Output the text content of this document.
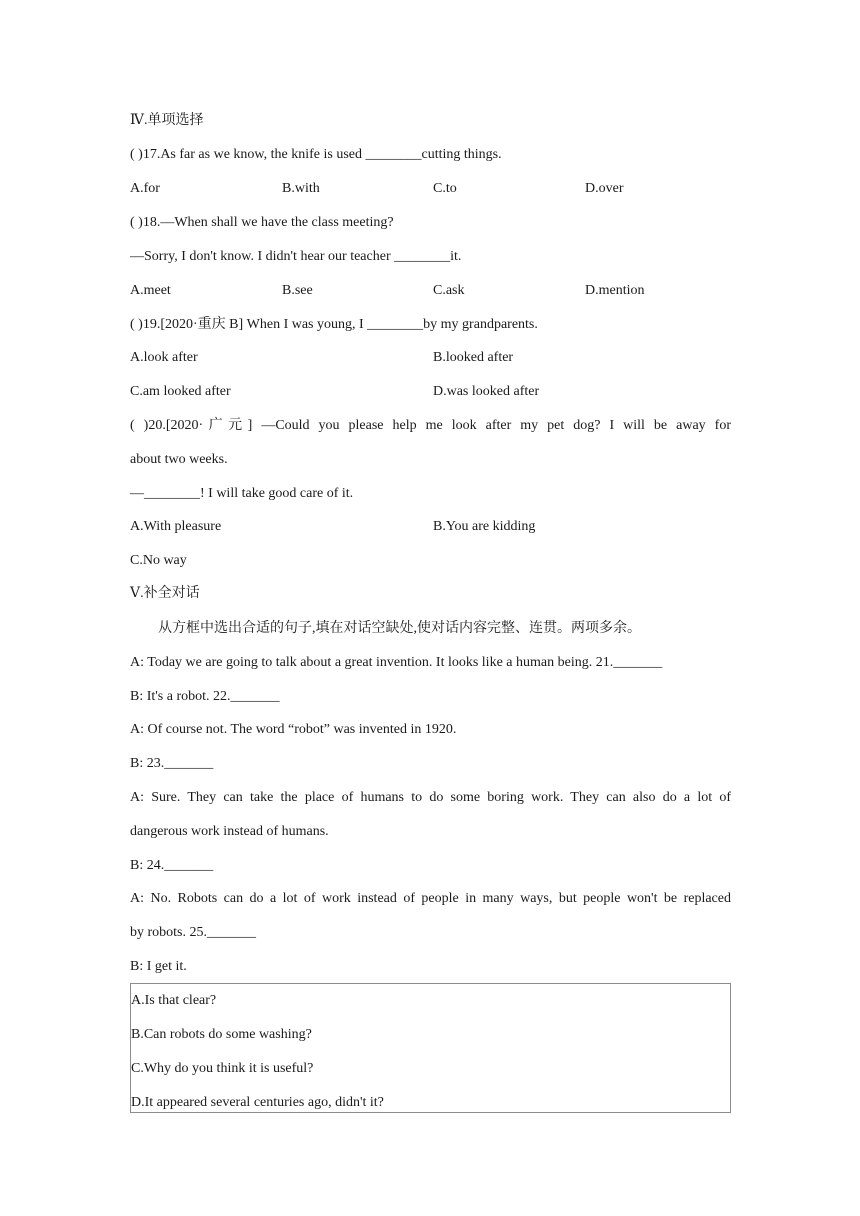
Ⅳ.单项选择
( )17.As far as we know, the knife is used ________cutting things.
A.for	B.with	C.to	D.over
( )18.—When shall we have the class meeting?
—Sorry, I don't know. I didn't hear our teacher ________it.
A.meet	B.see	C.ask	D.mention
( )19.[2020·重庆 B] When I was young, I ________by my grandparents.
A.look after	B.looked after
C.am looked after	D.was looked after
( )20.[2020·广元] —Could you please help me look after my pet dog? I will be away for
about two weeks.
—________! I will take good care of it.
A.With pleasure	B.You are kidding
C.No way
Ⅴ.补全对话
从方框中选出合适的句子,填在对话空缺处,使对话内容完整、连贯。两项多余。
A: Today we are going to talk about a great invention. It looks like a human being. 21._______
B: It's a robot. 22._______
A: Of course not. The word “robot” was invented in 1920.
B: 23._______
A: Sure. They can take the place of humans to do some boring work. They can also do a lot of
dangerous work instead of humans.
B: 24._______
A: No. Robots can do a lot of work instead of people in many ways, but people won't be replaced
by robots. 25._______
B: I get it.
A.Is that clear?
B.Can robots do some washing?
C.Why do you think it is useful?
D.It appeared several centuries ago, didn't it?
